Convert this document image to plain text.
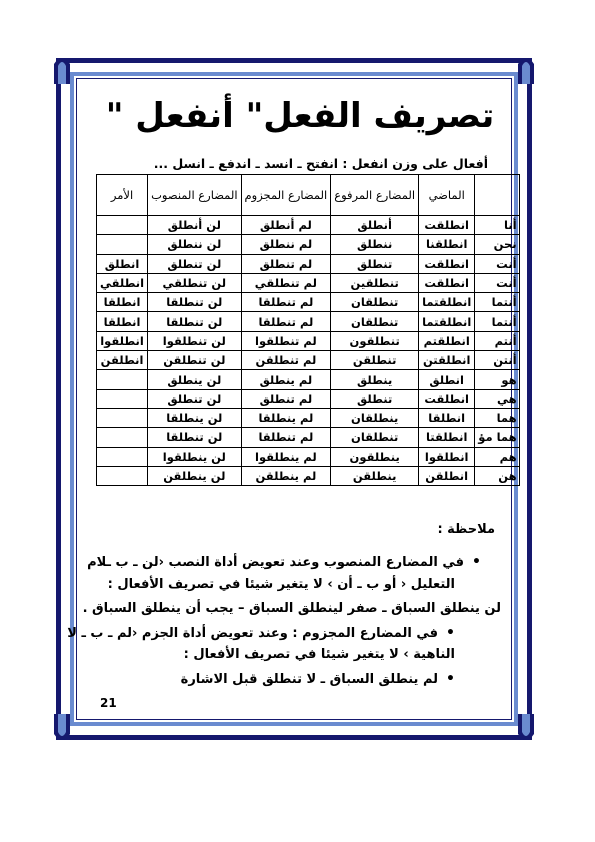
تصريف الفعل" أنفعل "
أفعال على وزن انفعل : انفتح ـ انسد ـ اندفع ـ انسل ...
	الماضي	المضارع المرفوع	المضارع المجزوم	المضارع المنصوب	الأمر
أنا	انطلقت	أنطلق	لم أنطلق	لن أنطلق	
نحن	انطلقنا	ننطلق	لم ننطلق	لن ننطلق	
أنت	انطلقت	تنطلق	لم تنطلق	لن تنطلق	انطلق
أنت	انطلقت	تنطلقين	لم تنطلقي	لن تنطلقي	انطلقي
أنتما	انطلقتما	تنطلقان	لم تنطلقا	لن تنطلقا	انطلقا
أنتما	انطلقتما	تنطلقان	لم تنطلقا	لن تنطلقا	انطلقا
أنتم	انطلقتم	تنطلقون	لم تنطلقوا	لن تنطلقوا	انطلقوا
أنتن	انطلقتن	تنطلقن	لم تنطلقن	لن تنطلقن	انطلقن
هو	انطلق	ينطلق	لم ينطلق	لن ينطلق	
هي	انطلقت	تنطلق	لم تنطلق	لن تنطلق	
هما	انطلقا	ينطلقان	لم ينطلقا	لن ينطلقا	
هما مؤ	انطلقتا	تنطلقان	لم تنطلقا	لن تنطلقا	
هم	انطلقوا	ينطلقون	لم ينطلقوا	لن ينطلقوا	
هن	انطلقن	ينطلقن	لم ينطلقن	لن ينطلقن	
ملاحظة :
• في المضارع المنصوب وعند تعويض أداة النصب ‹لن ـ ب ـلام
التعليل ‹ أو ب ـ أن › لا يتغير شيئا في تصريف الأفعال :
لن ينطلق السباق ـ صفر لينطلق السباق – يجب أن ينطلق السباق .
• في المضارع المجزوم : وعند تعويض أداة الجزم ‹لم ـ ب ـ لا
الناهية › لا يتغير شيئا في تصريف الأفعال :
• لم ينطلق السباق ـ لا تنطلق قبل الاشارة
21
